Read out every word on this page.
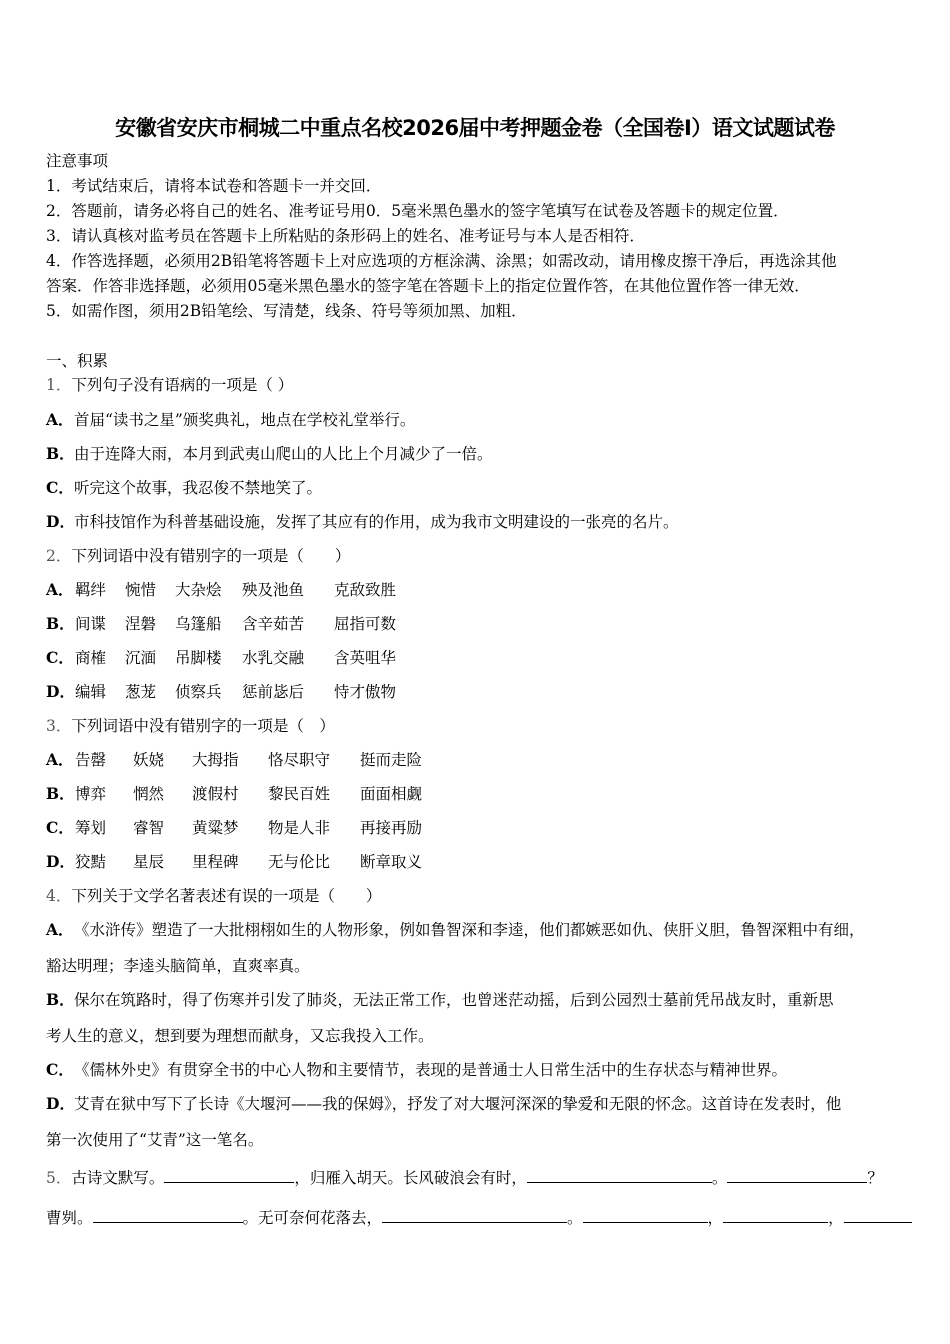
安徽省安庆市桐城二中重点名校2026届中考押题金卷（全国卷Ⅰ）语文试题试卷
注意事项
1．考试结束后，请将本试卷和答题卡一并交回．
2．答题前，请务必将自己的姓名、准考证号用0．5毫米黑色墨水的签字笔填写在试卷及答题卡的规定位置．
3．请认真核对监考员在答题卡上所粘贴的条形码上的姓名、准考证号与本人是否相符．
4．作答选择题，必须用2B铅笔将答题卡上对应选项的方框涂满、涂黑；如需改动，请用橡皮擦干净后，再选涂其他
答案．作答非选择题，必须用05毫米黑色墨水的签字笔在答题卡上的指定位置作答，在其他位置作答一律无效．
5．如需作图，须用2B铅笔绘、写清楚，线条、符号等须加黑、加粗．
一、积累
1．下列句子没有语病的一项是（ ）
A．首届“读书之星”颁奖典礼，地点在学校礼堂举行。
B．由于连降大雨，本月到武夷山爬山的人比上个月减少了一倍。
C．听完这个故事，我忍俊不禁地笑了。
D．市科技馆作为科普基础设施，发挥了其应有的作用，成为我市文明建设的一张亮的名片。
2．下列词语中没有错别字的一项是（　　）
A． 羁绊 惋惜 大杂烩 殃及池鱼 克敌致胜
B． 间谍 涅磐 乌篷船 含辛茹苦 屈指可数
C． 商榷 沉湎 吊脚楼 水乳交融 含英咀华
D． 编辑 葱茏 侦察兵 惩前毖后 恃才傲物
3．下列词语中没有错别字的一项是（　）
A． 告罄 妖娆 大拇指 恪尽职守 挺而走险
B． 博弈 惘然 渡假村 黎民百姓 面面相觑
C． 筹划 睿智 黄粱梦 物是人非 再接再励
D． 狡黠 星辰 里程碑 无与伦比 断章取义
4．下列关于文学名著表述有误的一项是（　　）
A．《水浒传》塑造了一大批栩栩如生的人物形象，例如鲁智深和李逵，他们都嫉恶如仇、侠肝义胆，鲁智深粗中有细，
豁达明理；李逵头脑简单，直爽率真。
B．保尔在筑路时，得了伤寒并引发了肺炎，无法正常工作，也曾迷茫动摇，后到公园烈士墓前凭吊战友时，重新思
考人生的意义，想到要为理想而献身，又忘我投入工作。
C．《儒林外史》有贯穿全书的中心人物和主要情节，表现的是普通士人日常生活中的生存状态与精神世界。
D．艾青在狱中写下了长诗《大堰河——我的保姆》，抒发了对大堰河深深的挚爱和无限的怀念。这首诗在发表时，他
第一次使用了“艾青”这一笔名。
5．古诗文默写。	，归雁入胡天。长风破浪会有时，	。	？
曹刿。	。无可奈何花落去，	。	，	，
